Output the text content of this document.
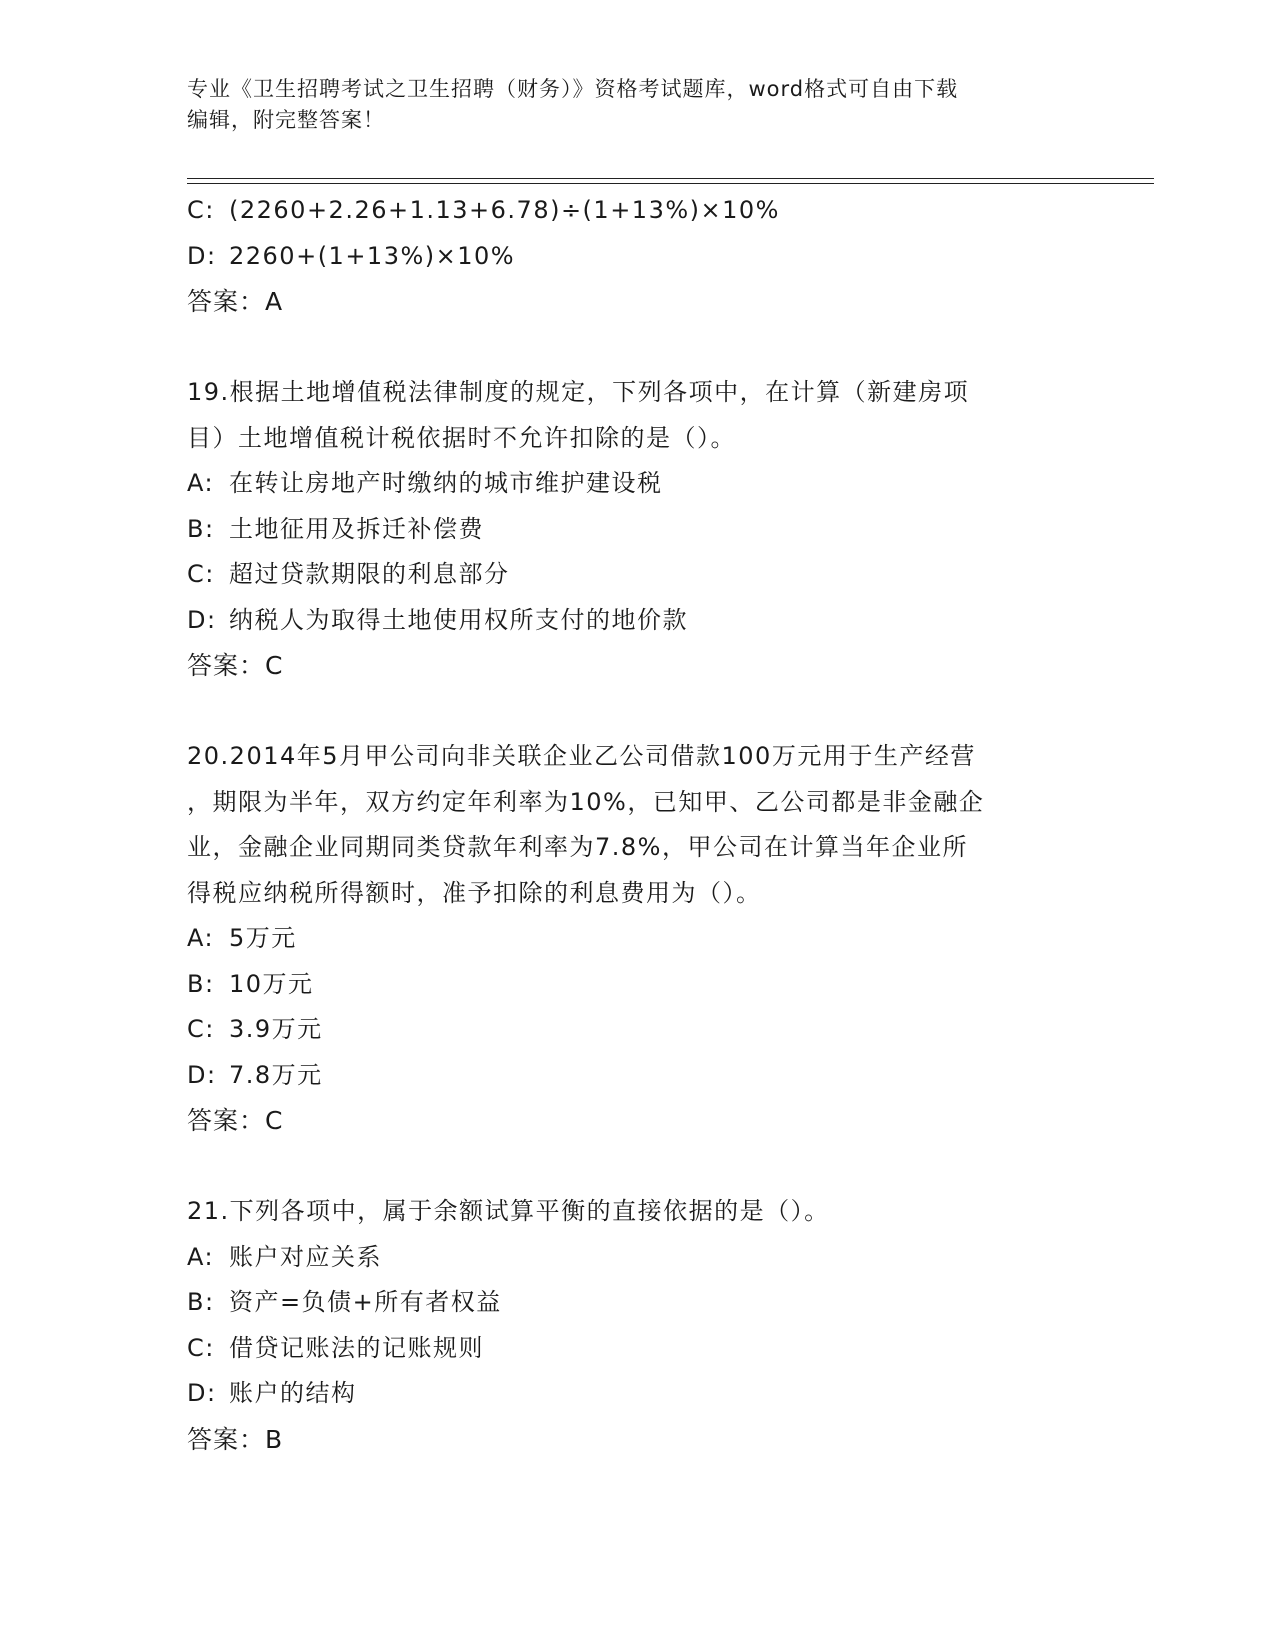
专业《卫生招聘考试之卫生招聘（财务）》资格考试题库，word格式可自由下载
编辑，附完整答案！
C: (2260+2.26+1.13+6.78)÷(1+13%)×10%
D: 2260+(1+13%)×10%
答案：A
19.根据土地增值税法律制度的规定，下列各项中，在计算（新建房项
目）土地增值税计税依据时不允许扣除的是（）。
A: 在转让房地产时缴纳的城市维护建设税
B: 土地征用及拆迁补偿费
C: 超过贷款期限的利息部分
D: 纳税人为取得土地使用权所支付的地价款
答案：C
20.2014年5月甲公司向非关联企业乙公司借款100万元用于生产经营
，期限为半年，双方约定年利率为10%，已知甲、乙公司都是非金融企
业，金融企业同期同类贷款年利率为7.8%，甲公司在计算当年企业所
得税应纳税所得额时，准予扣除的利息费用为（）。
A: 5万元
B: 10万元
C: 3.9万元
D: 7.8万元
答案：C
21.下列各项中，属于余额试算平衡的直接依据的是（）。
A: 账户对应关系
B: 资产=负债+所有者权益
C: 借贷记账法的记账规则
D: 账户的结构
答案：B
